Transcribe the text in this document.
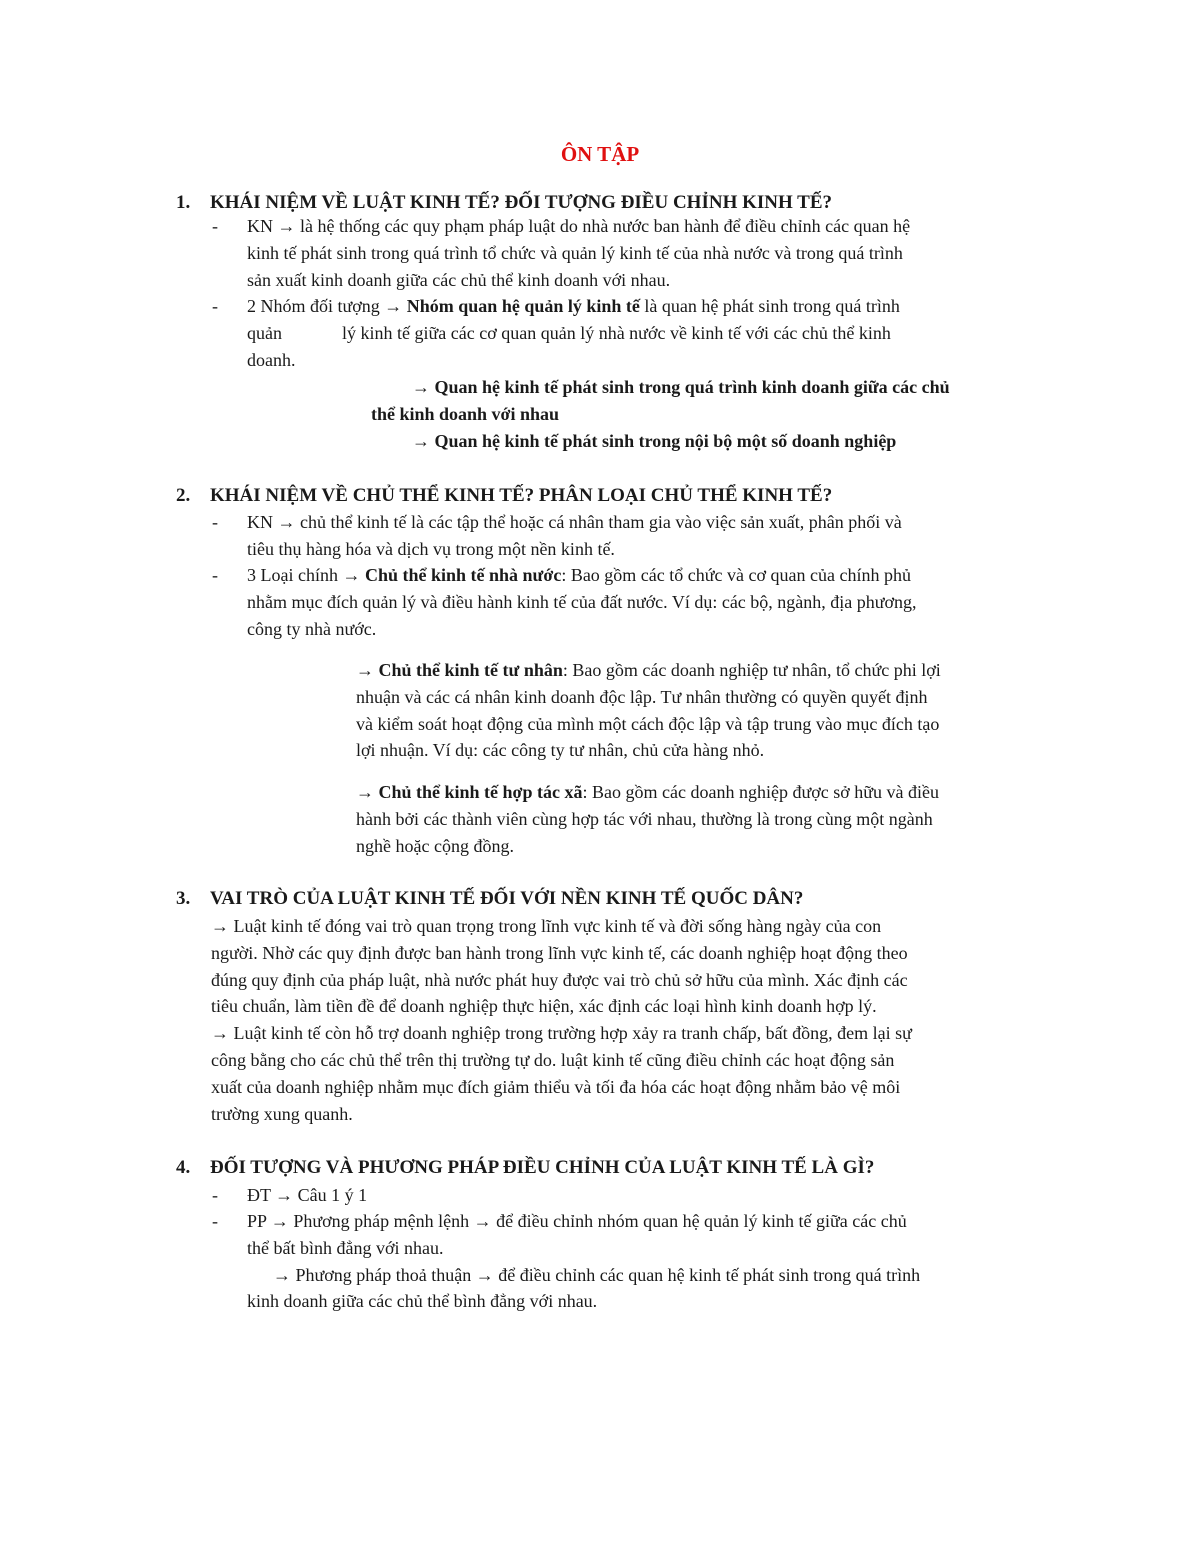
ÔN TẬP
1. KHÁI NIỆM VỀ LUẬT KINH TẾ? ĐỐI TƯỢNG ĐIỀU CHỈNH KINH TẾ?
- KN → là hệ thống các quy phạm pháp luật do nhà nước ban hành để điều chỉnh các quan hệ
kinh tế phát sinh trong quá trình tổ chức và quản lý kinh tế của nhà nước và trong quá trình
sản xuất kinh doanh giữa các chủ thể kinh doanh với nhau.
- 2 Nhóm đối tượng → Nhóm quan hệ quản lý kinh tế là quan hệ phát sinh trong quá trình
quản	lý kinh tế giữa các cơ quan quản lý nhà nước về kinh tế với các chủ thể kinh
doanh.
→ Quan hệ kinh tế phát sinh trong quá trình kinh doanh giữa các chủ
thể kinh doanh với nhau
→ Quan hệ kinh tế phát sinh trong nội bộ một số doanh nghiệp
2. KHÁI NIỆM VỀ CHỦ THỂ KINH TẾ? PHÂN LOẠI CHỦ THỂ KINH TẾ?
- KN → chủ thể kinh tế là các tập thể hoặc cá nhân tham gia vào việc sản xuất, phân phối và
tiêu thụ hàng hóa và dịch vụ trong một nền kinh tế.
- 3 Loại chính → Chủ thể kinh tế nhà nước: Bao gồm các tổ chức và cơ quan của chính phủ
nhằm mục đích quản lý và điều hành kinh tế của đất nước. Ví dụ: các bộ, ngành, địa phương,
công ty nhà nước.
→ Chủ thể kinh tế tư nhân: Bao gồm các doanh nghiệp tư nhân, tổ chức phi lợi
nhuận và các cá nhân kinh doanh độc lập. Tư nhân thường có quyền quyết định
và kiểm soát hoạt động của mình một cách độc lập và tập trung vào mục đích tạo
lợi nhuận. Ví dụ: các công ty tư nhân, chủ cửa hàng nhỏ.
→ Chủ thể kinh tế hợp tác xã: Bao gồm các doanh nghiệp được sở hữu và điều
hành bởi các thành viên cùng hợp tác với nhau, thường là trong cùng một ngành
nghề hoặc cộng đồng.
3. VAI TRÒ CỦA LUẬT KINH TẾ ĐỐI VỚI NỀN KINH TẾ QUỐC DÂN?
→ Luật kinh tế đóng vai trò quan trọng trong lĩnh vực kinh tế và đời sống hàng ngày của con
người. Nhờ các quy định được ban hành trong lĩnh vực kinh tế, các doanh nghiệp hoạt động theo
đúng quy định của pháp luật, nhà nước phát huy được vai trò chủ sở hữu của mình. Xác định các
tiêu chuẩn, làm tiền đề để doanh nghiệp thực hiện, xác định các loại hình kinh doanh hợp lý.
→ Luật kinh tế còn hỗ trợ doanh nghiệp trong trường hợp xảy ra tranh chấp, bất đồng, đem lại sự
công bằng cho các chủ thể trên thị trường tự do. luật kinh tế cũng điều chỉnh các hoạt động sản
xuất của doanh nghiệp nhằm mục đích giảm thiểu và tối đa hóa các hoạt động nhằm bảo vệ môi
trường xung quanh.
4. ĐỐI TƯỢNG VÀ PHƯƠNG PHÁP ĐIỀU CHỈNH CỦA LUẬT KINH TẾ LÀ GÌ?
- ĐT → Câu 1 ý 1
- PP → Phương pháp mệnh lệnh → để điều chỉnh nhóm quan hệ quản lý kinh tế giữa các chủ
thể bất bình đẳng với nhau.
→ Phương pháp thoả thuận → để điều chỉnh các quan hệ kinh tế phát sinh trong quá trình
kinh doanh giữa các chủ thể bình đẳng với nhau.
